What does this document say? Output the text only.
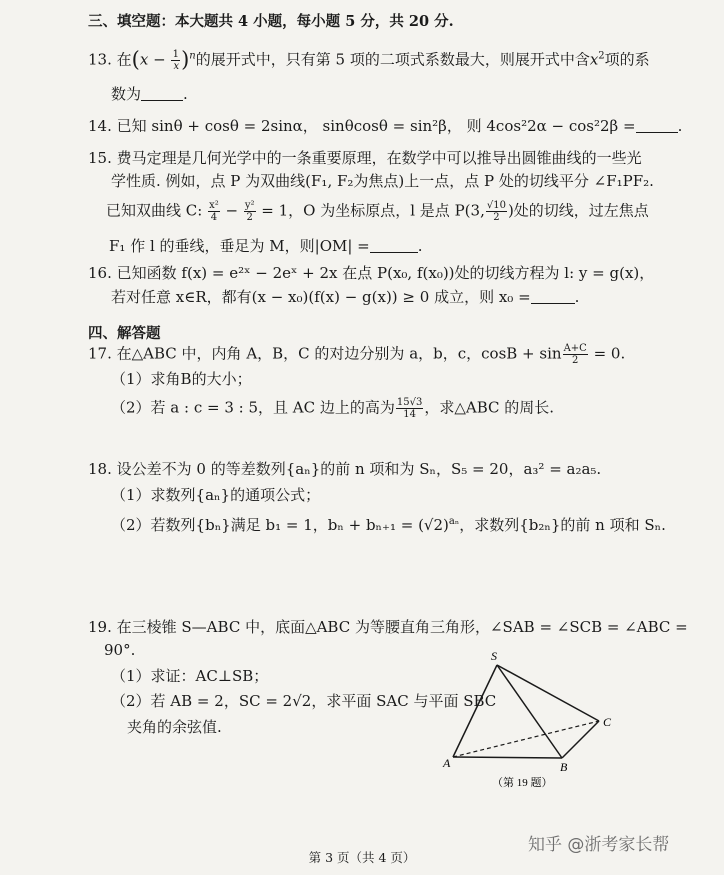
三、填空题：本大题共 4 小题，每小题 5 分，共 20 分.
13. 在$(x - \frac{1}{x} )^n$的展开式中，只有第 5 项的二项式系数最大，则展开式中含$x^2$项的系
数为	.
14. 已知 sinθ + cosθ = 2sinα， sinθcosθ = sin²β， 则 4cos²2α − cos²2β =	.
15. 费马定理是几何光学中的一条重要原理，在数学中可以推导出圆锥曲线的一些光
学性质. 例如，点 P 为双曲线(F₁, F₂为焦点)上一点，点 P 处的切线平分 ∠F₁PF₂.
已知双曲线 C: $\frac{\text{x²}}{4} - \frac{\text{y²}}{2} = 1$，O 为坐标原点，l 是点 P(3, $\frac{√10}{2}$ )处的切线，过左焦点
F₁ 作 l 的垂线，垂足为 M，则|OM| =	.
16. 已知函数 f(x) = e²ˣ − 2eˣ + 2x 在点 P(x₀, f(x₀))处的切线方程为 l: y = g(x)，
若对任意 x∈R，都有(x − x₀)(f(x) − g(x)) ≥ 0 成立，则 x₀ =	.
四、解答题
17. 在△ABC 中，内角 A，B，C 的对边分别为 a，b，c，$\cos B + \sin \frac{A+C}{2} = 0$.
（1）求角B的大小；
（2）若 a : c = 3 : 5，且 AC 边上的高为 $\frac{15√3}{14}$ ，求△ABC 的周长.
18. 设公差不为 0 的等差数列{aₙ}的前 n 项和为 Sₙ，S₅ = 20，a₃² = a₂a₅.
（1）求数列{aₙ}的通项公式；
（2）若数列{bₙ}满足 b₁ = 1，$b_n + b_{n+1} = (√2)^{a_n}$，求数列{b₂ₙ}的前 n 项和 Sₙ.
19. 在三棱锥 S—ABC 中，底面△ABC 为等腰直角三角形，∠SAB = ∠SCB = ∠ABC =
90°.
（1）求证：AC⊥SB；
（2）若 AB = 2，SC = 2√2，求平面 SAC 与平面 SBC
夹角的余弦值.
S
A	B
C
（第 19 题）
知乎 @浙考家长帮
第 3 页（共 4 页）
